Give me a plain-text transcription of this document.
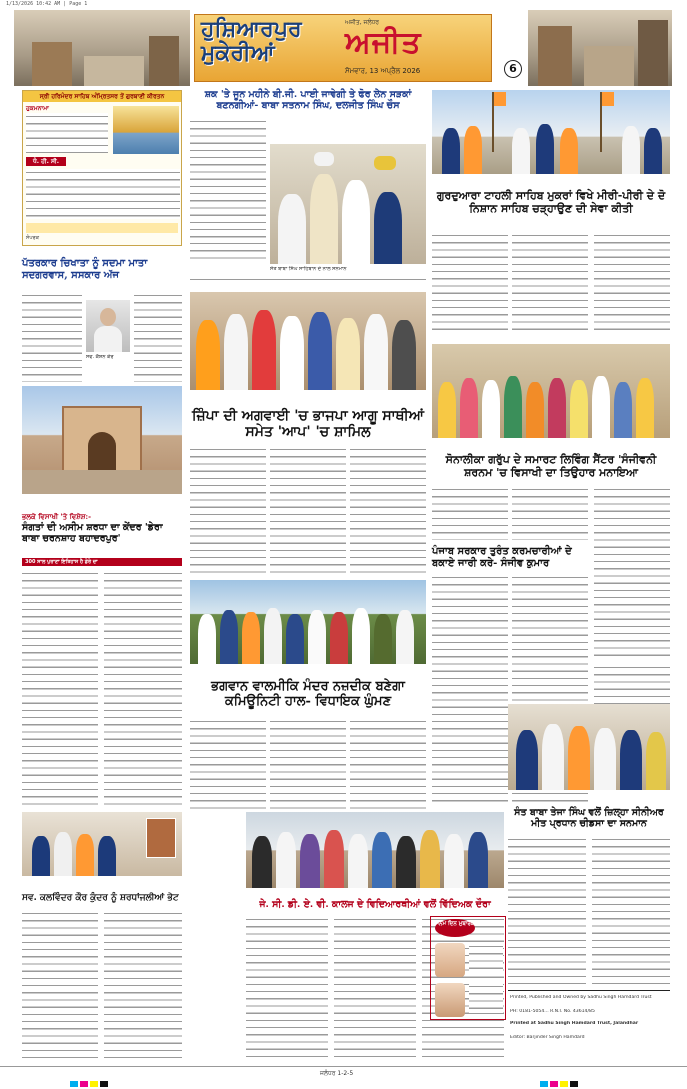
1/13/2026 10:42 AM | Page 1
ਹੁਸ਼ਿਆਰਪੁਰ
ਮੁਕੇਰੀਆਂ
ਅਜੀਤ, ਜਲੰਧਰ
ਅਜੀਤ
ਸੋਮਵਾਰ, 13 ਅਪ੍ਰੈਲ 2026	6
ਸ੍ਰੀ ਹਰਿਮੰਦਰ ਸਾਹਿਬ ਅੰਮ੍ਰਿਤਸਰ ਤੋਂ ਗੁਰਬਾਣੀ ਕੀਰਤਨ
ਹੁਕਮਨਾਮਾ
ਧੰ. ਹੀ. ਸੀ.
ਸੰਪਰਕ
ਪੱਤਰਕਾਰ ਚਿਖਾਤਾ ਨੂੰ ਸਦਮਾ ਮਾਤਾ ਸਦਗਰਵਾਸ, ਸਸਕਾਰ ਅੱਜ
ਸਵ. ਕੈਸ਼ਨ ਕੌਰ
ਭਲਕੇ ਵਿਸਾਖੀ 'ਤੇ ਵਿਸ਼ੇਸ਼:-
ਸੰਗਤਾਂ ਦੀ ਅਸੀਮ ਸ਼ਰਧਾ ਦਾ ਕੇਂਦਰ 'ਡੇਰਾ ਬਾਬਾ ਚਰਨਸ਼ਾਹ ਬਹਾਦਰਪੁਰ'
300 ਸਾਲ ਪੁਰਾਣਾ ਇਤਿਹਾਸ ਹੈ ਡੇਰੇ ਦਾ
ਸਵ. ਕਲਵਿੰਦਰ ਕੌਰ ਕੁੰਦਰ ਨੂੰ ਸ਼ਰਧਾਂਜਲੀਆਂ ਭੇਟ
ਸ਼ਕ 'ਤੇ ਜੂਨ ਮਹੀਨੇ ਬੀ.ਜੀ. ਪਾਈ ਜਾਵੇਗੀ ਤੇ ਫੋਰ ਲੇਨ ਸੜਕਾਂ ਬਣਨਗੀਆਂ- ਬਾਬਾ ਸਤਨਾਮ ਸਿੰਘ, ਦਲਜੀਤ ਸਿੰਘ ਚੌਸ
ਸੰਤ ਬਾਬਾ ਸਿੰਘ ਸਾਹਿਬਾਨ ਦੇ ਨਾਲ ਸਨਮਾਨ
ਜ਼ਿੰਪਾ ਦੀ ਅਗਵਾਈ 'ਚ ਭਾਜਪਾ ਆਗੂ ਸਾਥੀਆਂ ਸਮੇਤ 'ਆਪ' 'ਚ ਸ਼ਾਮਿਲ
ਭਗਵਾਨ ਵਾਲਮੀਕਿ ਮੰਦਰ ਨਜ਼ਦੀਕ ਬਣੇਗਾ ਕਮਿਊਨਿਟੀ ਹਾਲ- ਵਿਧਾਇਕ ਘੁੰਮਣ
ਜੇ. ਸੀ. ਡੀ. ਏ. ਵੀ. ਕਾਲਜ ਦੇ ਵਿਦਿਆਰਥੀਆਂ ਵਲੋਂ ਵਿੱਦਿਅਕ ਦੌਰਾ
ਗੁਰਦੁਆਰਾ ਟਾਹਲੀ ਸਾਹਿਬ ਮੁਕਰਾਂ ਵਿਖੇ ਮੀਰੀ-ਪੀਰੀ ਦੇ ਦੋ ਨਿਸ਼ਾਨ ਸਾਹਿਬ ਚੜ੍ਹਾਉਣ ਦੀ ਸੇਵਾ ਕੀਤੀ
ਸੋਨਾਲੀਕਾ ਗਰੁੱਪ ਦੇ ਸਮਾਰਟ ਲਿਵਿੰਗ ਸੈਂਟਰ 'ਸੰਜੀਵਨੀ ਸ਼ਰਨਮ 'ਚ ਵਿਸਾਖੀ ਦਾ ਤਿਉਹਾਰ ਮਨਾਇਆ
ਪੰਜਾਬ ਸਰਕਾਰ ਤੁਰੰਤ ਕਰਮਚਾਰੀਆਂ ਦੇ ਬਕਾਏ ਜਾਰੀ ਕਰੇ- ਸੰਜੀਵ ਕੁਮਾਰ
ਸੰਤ ਬਾਬਾ ਤੇਜਾ ਸਿੰਘ ਵਲੋਂ ਜ਼ਿਲ੍ਹਾ ਸੀਨੀਅਰ ਮੀਤ ਪ੍ਰਧਾਨ ਚੀਡਸਾ ਦਾ ਸਨਮਾਨ
ਜਨਮ ਦਿਨ ਮੁਬਾਰਕ
Printed, Published and Owned by Sadhu Singh Hamdard Trust
PH: 0181-5054... R.N.I. No. 43614/85
Printed at Sadhu Singh Hamdard Trust, Jalandhar
Editor: Barjinder Singh Hamdard
ਜਲੰਧਰ 1-2-5
